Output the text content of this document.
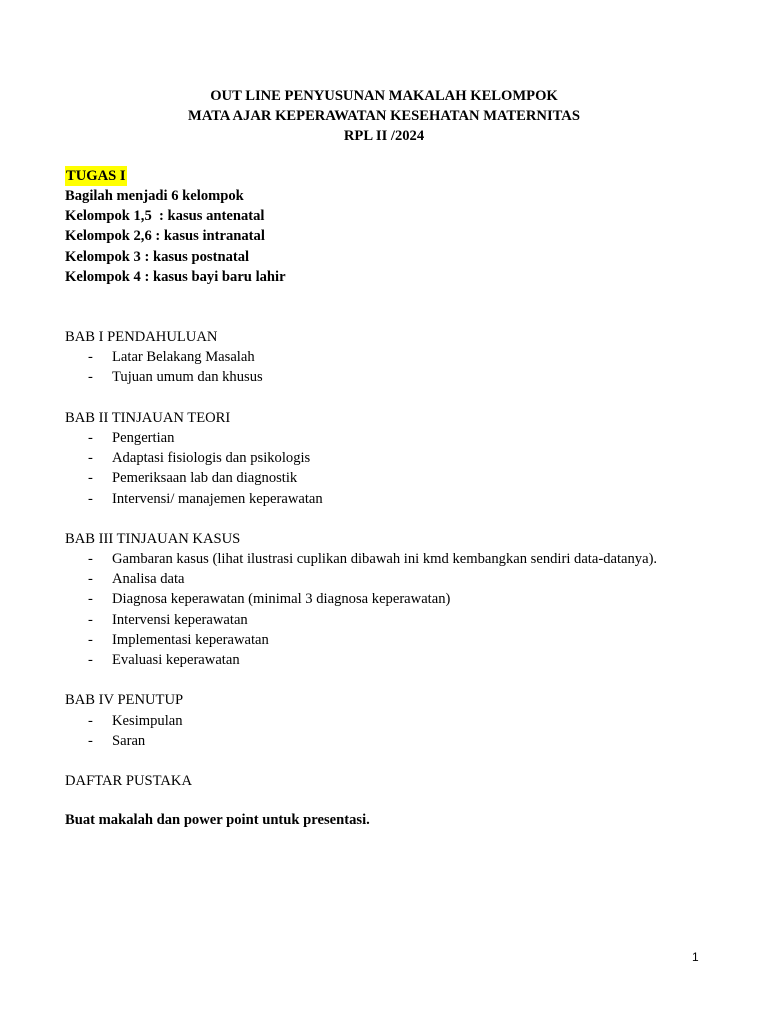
OUT LINE PENYUSUNAN MAKALAH KELOMPOK
MATA AJAR KEPERAWATAN KESEHATAN MATERNITAS
RPL II /2024
TUGAS I
Bagilah menjadi 6 kelompok
Kelompok 1,5  : kasus antenatal
Kelompok 2,6 : kasus intranatal
Kelompok 3 : kasus postnatal
Kelompok 4 : kasus bayi baru lahir
BAB I PENDAHULUAN
- Latar Belakang Masalah
- Tujuan umum dan khusus
BAB II TINJAUAN TEORI
- Pengertian
- Adaptasi fisiologis dan psikologis
- Pemeriksaan lab dan diagnostik
- Intervensi/ manajemen keperawatan
BAB III TINJAUAN KASUS
- Gambaran kasus (lihat ilustrasi cuplikan dibawah ini kmd kembangkan sendiri data-datanya).
- Analisa data
- Diagnosa keperawatan (minimal 3 diagnosa keperawatan)
- Intervensi keperawatan
- Implementasi keperawatan
- Evaluasi keperawatan
BAB IV PENUTUP
- Kesimpulan
- Saran
DAFTAR PUSTAKA
Buat makalah dan power point untuk presentasi.
1
